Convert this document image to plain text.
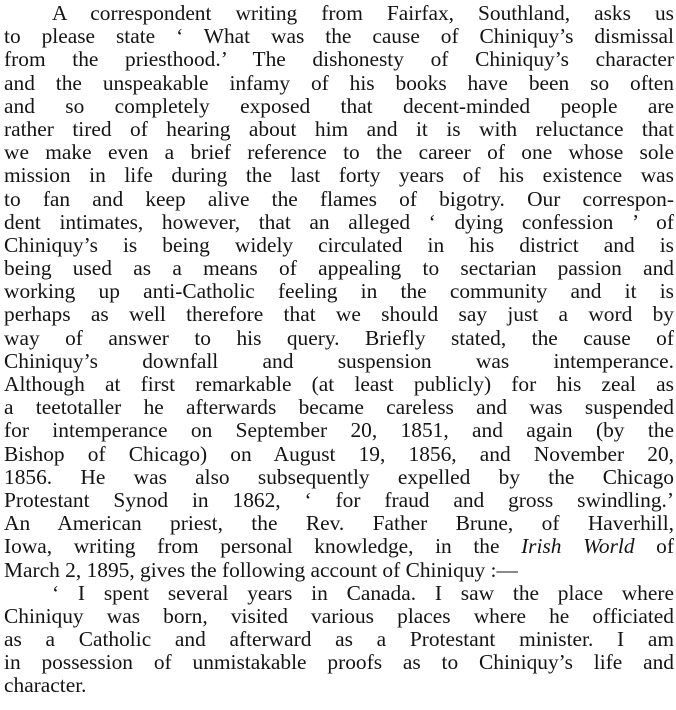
A correspondent writing from Fairfax, Southland, asks us
to please state ‘ What was the cause of Chiniquy’s dismissal
from the priesthood.’ The dishonesty of Chiniquy’s character
and the unspeakable infamy of his books have been so often
and so completely exposed that decent-minded people are
rather tired of hearing about him and it is with reluctance that
we make even a brief reference to the career of one whose sole
mission in life during the last forty years of his existence was
to fan and keep alive the flames of bigotry. Our correspon-
dent intimates, however, that an alleged ‘ dying confession ’ of
Chiniquy’s is being widely circulated in his district and is
being used as a means of appealing to sectarian passion and
working up anti-Catholic feeling in the community and it is
perhaps as well therefore that we should say just a word by
way of answer to his query. Briefly stated, the cause of
Chiniquy’s downfall and suspension was intemperance.
Although at first remarkable (at least publicly) for his zeal as
a teetotaller he afterwards became careless and was suspended
for intemperance on September 20, 1851, and again (by the
Bishop of Chicago) on August 19, 1856, and November 20,
1856. He was also subsequently expelled by the Chicago
Protestant Synod in 1862, ‘ for fraud and gross swindling.’
An American priest, the Rev. Father Brune, of Haverhill,
Iowa, writing from personal knowledge, in the Irish World of
March 2, 1895, gives the following account of Chiniquy :—
‘ I spent several years in Canada. I saw the place where
Chiniquy was born, visited various places where he officiated
as a Catholic and afterward as a Protestant minister. I am
in possession of unmistakable proofs as to Chiniquy’s life and
character.
